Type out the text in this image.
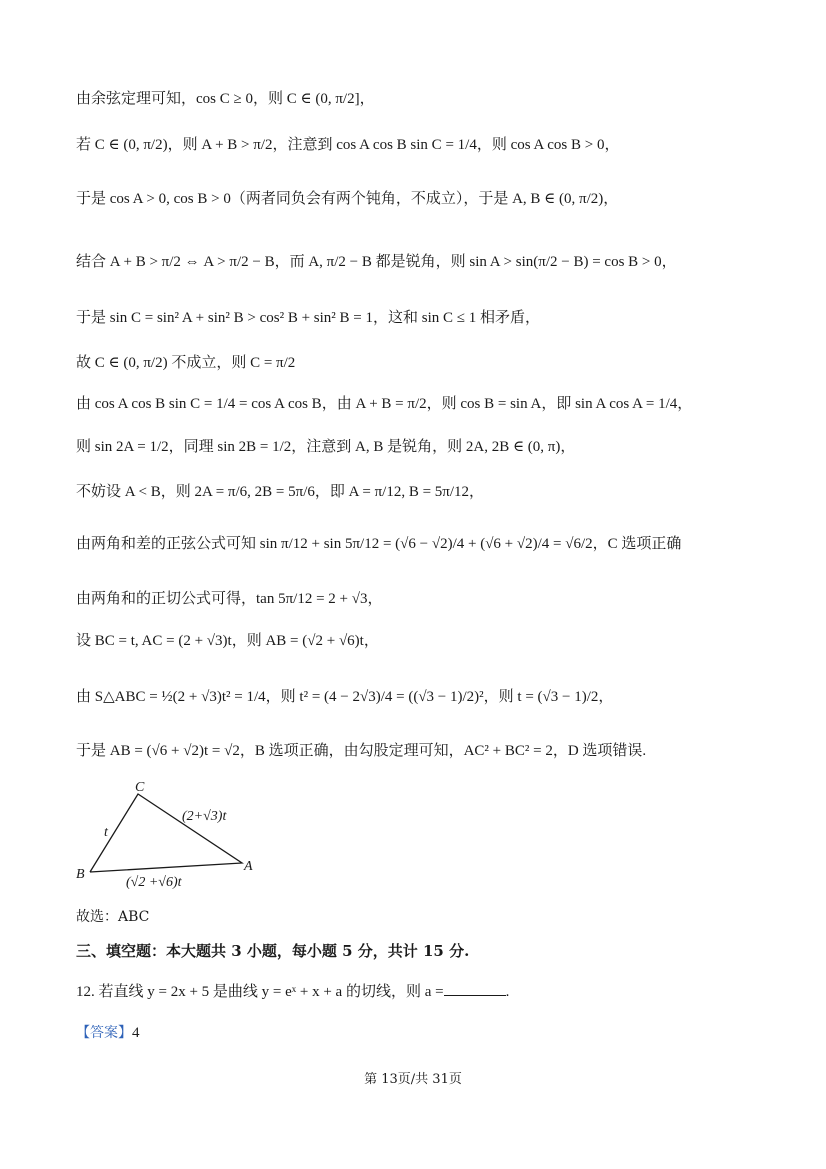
由余弦定理可知，cos C ≥ 0，则 C ∈ (0, π/2]，
若 C ∈ (0, π/2)，则 A + B > π/2，注意到 cos A cos B sin C = 1/4，则 cos A cos B > 0，
于是 cos A > 0, cos B > 0（两者同负会有两个钝角，不成立），于是 A, B ∈ (0, π/2)，
结合 A + B > π/2 ⇔ A > π/2 − B，而 A, π/2 − B 都是锐角，则 sin A > sin(π/2 − B) = cos B > 0，
于是 sin C = sin² A + sin² B > cos² B + sin² B = 1，这和 sin C ≤ 1 相矛盾，
故 C ∈ (0, π/2) 不成立，则 C = π/2
由 cos A cos B sin C = 1/4 = cos A cos B，由 A + B = π/2，则 cos B = sin A，即 sin A cos A = 1/4，
则 sin 2A = 1/2，同理 sin 2B = 1/2，注意到 A, B 是锐角，则 2A, 2B ∈ (0, π)，
不妨设 A < B，则 2A = π/6, 2B = 5π/6，即 A = π/12, B = 5π/12，
由两角和差的正弦公式可知 sin π/12 + sin 5π/12 = (√6 − √2)/4 + (√6 + √2)/4 = √6/2，C 选项正确
由两角和的正切公式可得，tan 5π/12 = 2 + √3，
设 BC = t, AC = (2 + √3)t，则 AB = (√2 + √6)t，
由 S△ABC = ½(2 + √3)t² = 1/4，则 t² = (4 − 2√3)/4 = ((√3 − 1)/2)²，则 t = (√3 − 1)/2，
于是 AB = (√6 + √2)t = √2，B 选项正确，由勾股定理可知，AC² + BC² = 2，D 选项错误.
C
B
A
t
(2+√3)t
(√2 +√6)t
故选：ABC
三、填空题：本大题共 3 小题，每小题 5 分，共计 15 分.
12. 若直线 y = 2x + 5 是曲线 y = eˣ + x + a 的切线，则 a =	.
【答案】4
第 13页/共 31页
